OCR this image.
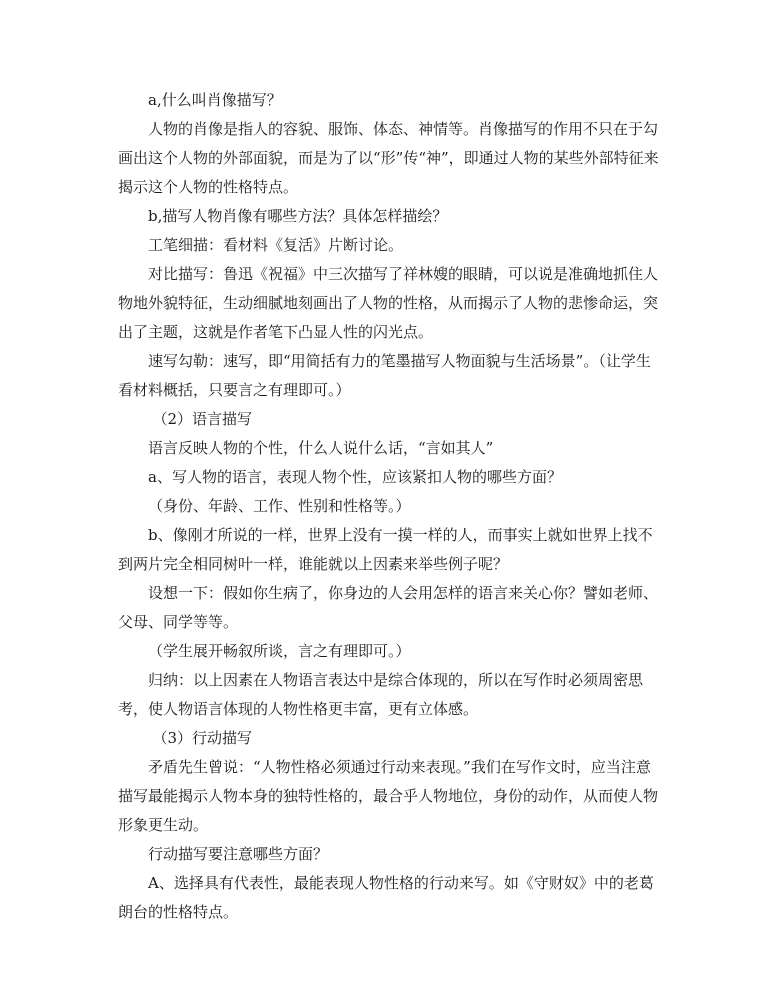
a,什么叫肖像描写？

人物的肖像是指人的容貌、服饰、体态、神情等。肖像描写的作用不只在于勾画出这个人物的外部面貌，而是为了以“形”传“神”，即通过人物的某些外部特征来揭示这个人物的性格特点。

b,描写人物肖像有哪些方法？具体怎样描绘？

工笔细描：看材料《复活》片断讨论。

对比描写：鲁迅《祝福》中三次描写了祥林嫂的眼睛，可以说是准确地抓住人物地外貌特征，生动细腻地刻画出了人物的性格，从而揭示了人物的悲惨命运，突出了主题，这就是作者笔下凸显人性的闪光点。

速写勾勒：速写，即“用简括有力的笔墨描写人物面貌与生活场景”。（让学生看材料概括，只要言之有理即可。）

（2）语言描写

语言反映人物的个性，什么人说什么话，“言如其人”

a、写人物的语言，表现人物个性，应该紧扣人物的哪些方面？

（身份、年龄、工作、性别和性格等。）

b、像刚才所说的一样，世界上没有一摸一样的人，而事实上就如世界上找不到两片完全相同树叶一样，谁能就以上因素来举些例子呢？

设想一下：假如你生病了，你身边的人会用怎样的语言来关心你？譬如老师、父母、同学等等。

（学生展开畅叙所谈，言之有理即可。）

归纳：以上因素在人物语言表达中是综合体现的，所以在写作时必须周密思考，使人物语言体现的人物性格更丰富，更有立体感。

（3）行动描写

矛盾先生曾说：“人物性格必须通过行动来表现。”我们在写作文时，应当注意描写最能揭示人物本身的独特性格的，最合乎人物地位，身份的动作，从而使人物形象更生动。

行动描写要注意哪些方面？

A、选择具有代表性，最能表现人物性格的行动来写。如《守财奴》中的老葛朗台的性格特点。
